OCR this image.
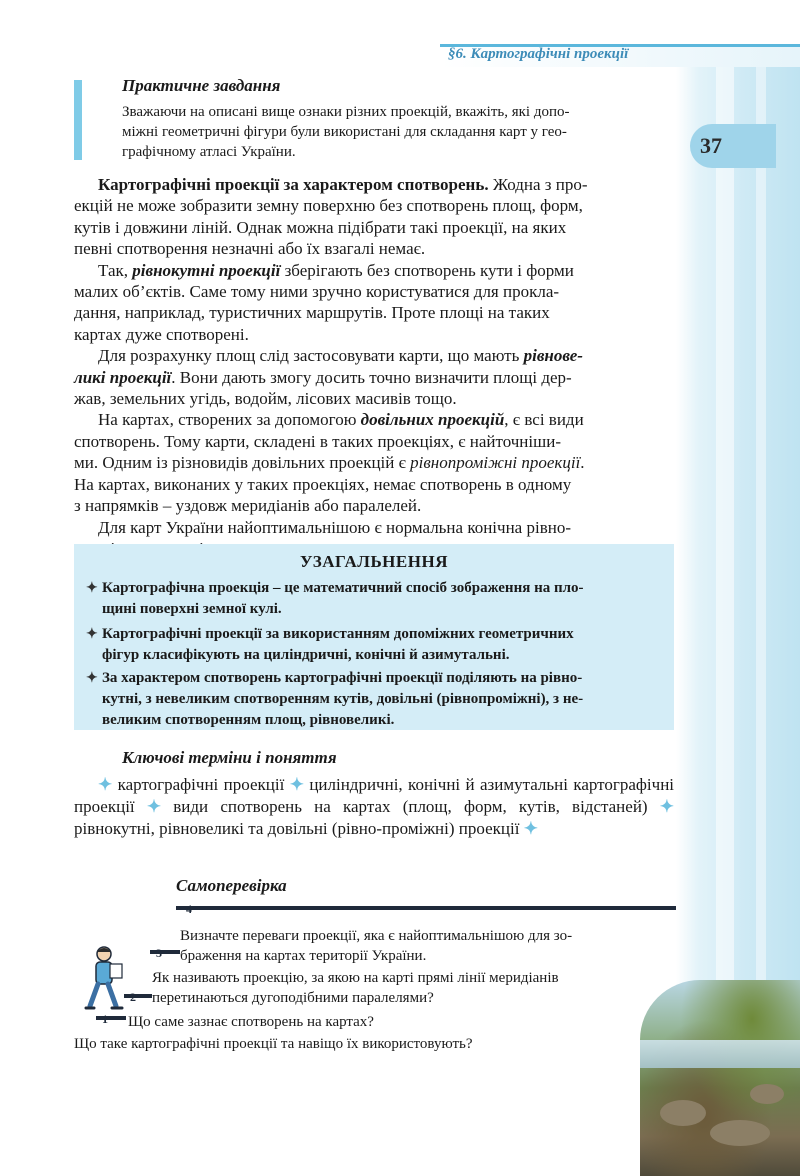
§6. Картографічні проекції
37
Практичне завдання
Зважаючи на описані вище ознаки різних проекцій, вкажіть, які допо-
міжні геометричні фігури були використані для складання карт у гео-
графічному атласі України.
Картографічні проекції за характером спотворень. Жодна з про-
екцій не може зобразити земну поверхню без спотворень площ, форм,
кутів і довжини ліній. Однак можна підібрати такі проекції, на яких
певні спотворення незначні або їх взагалі немає.
Так, рівнокутні проекції зберігають без спотворень кути і форми
малих об’єктів. Саме тому ними зручно користуватися для прокла-
дання, наприклад, туристичних маршрутів. Проте площі на таких
картах дуже спотворені.
Для розрахунку площ слід застосовувати карти, що мають рівнове-
ликі проекції. Вони дають змогу досить точно визначити площі дер-
жав, земельних угідь, водойм, лісових масивів тощо.
На картах, створених за допомогою довільних проекцій, є всі види
спотворень. Тому карти, складені в таких проекціях, є найточніши-
ми. Одним із різновидів довільних проекцій є рівнопроміжні проекції.
На картах, виконаних у таких проекціях, немає спотворень в одному
з напрямків – уздовж меридіанів або паралелей.
Для карт України найоптимальнішою є нормальна конічна рівно-
УЗАГАЛЬНЕННЯ
✦ Картографічна проекція – це математичний спосіб зображення на пло-
щині поверхні земної кулі.
✦ Картографічні проекції за використанням допоміжних геометричних
фігур класифікують на циліндричні, конічні й азимутальні.
✦ За характером спотворень картографічні проекції поділяють на рівно-
кутні, з невеликим спотворенням кутів, довільні (рівнопроміжні), з не-
великим спотворенням площ, рівновеликі.
Ключові терміни і поняття
✦ картографічні проекції ✦ циліндричні, конічні й азимутальні картографічні проекції ✦ види спотворень на картах (площ, форм, кутів, відстаней) ✦ рівнокутні, рівновеликі та довільні (рівно-проміжні) проекції ✦
Самоперевірка
4
3
2
1
Визначте переваги проекції, яка є найоптимальнішою для зо-
браження на картах території України.
Як називають проекцію, за якою на карті прямі лінії меридіанів
перетинаються дугоподібними паралелями?
Що саме зазнає спотворень на картах?
Що таке картографічні проекції та навіщо їх використовують?
